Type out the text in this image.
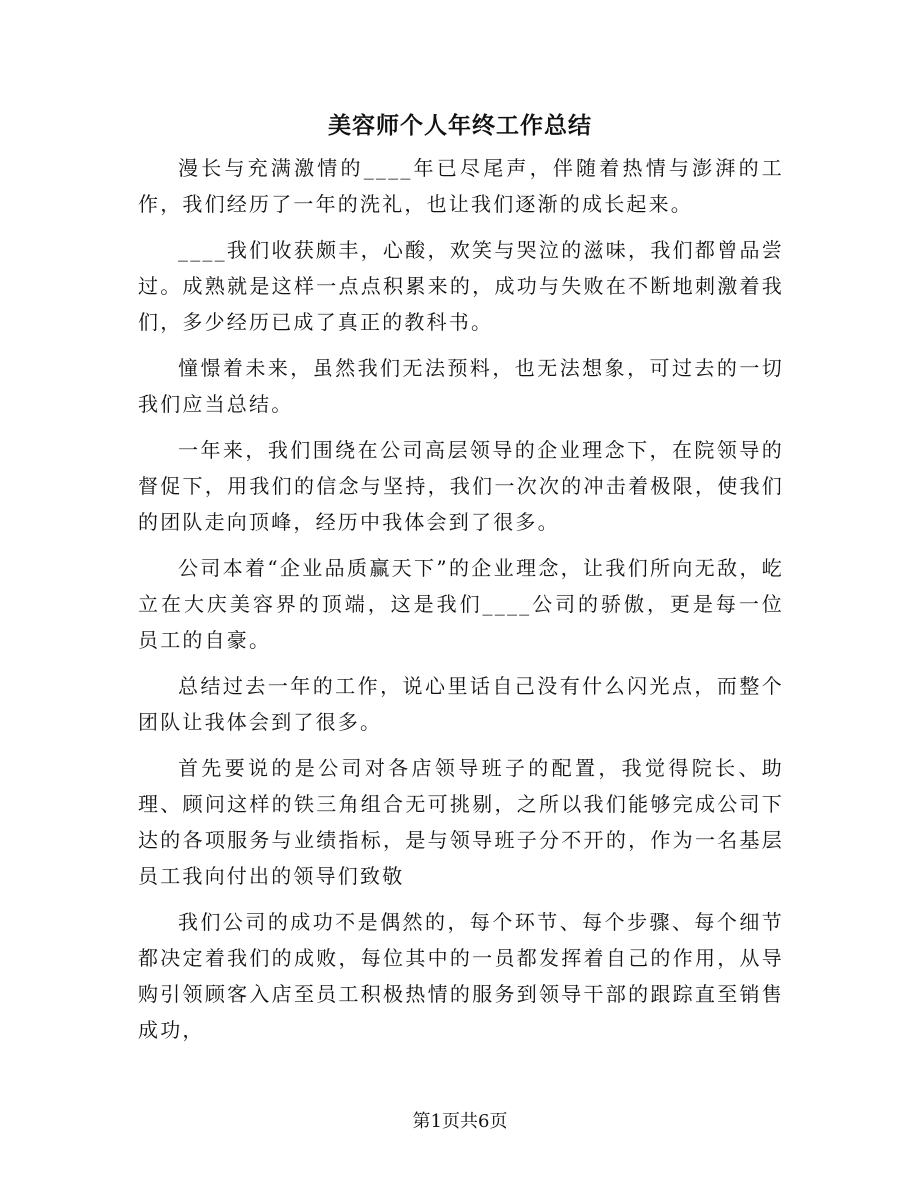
美容师个人年终工作总结

漫长与充满激情的____年已尽尾声，伴随着热情与澎湃的工作，我们经历了一年的洗礼，也让我们逐渐的成长起来。

____我们收获颇丰，心酸，欢笑与哭泣的滋味，我们都曾品尝过。成熟就是这样一点点积累来的，成功与失败在不断地刺激着我们，多少经历已成了真正的教科书。

憧憬着未来，虽然我们无法预料，也无法想象，可过去的一切我们应当总结。

一年来，我们围绕在公司高层领导的企业理念下，在院领导的督促下，用我们的信念与坚持，我们一次次的冲击着极限，使我们的团队走向顶峰，经历中我体会到了很多。

公司本着“企业品质赢天下”的企业理念，让我们所向无敌，屹立在大庆美容界的顶端，这是我们____公司的骄傲，更是每一位员工的自豪。

总结过去一年的工作，说心里话自己没有什么闪光点，而整个团队让我体会到了很多。

首先要说的是公司对各店领导班子的配置，我觉得院长、助理、顾问这样的铁三角组合无可挑剔，之所以我们能够完成公司下达的各项服务与业绩指标，是与领导班子分不开的，作为一名基层员工我向付出的领导们致敬

我们公司的成功不是偶然的，每个环节、每个步骤、每个细节都决定着我们的成败，每位其中的一员都发挥着自己的作用，从导购引领顾客入店至员工积极热情的服务到领导干部的跟踪直至销售成功，

第1页共6页
